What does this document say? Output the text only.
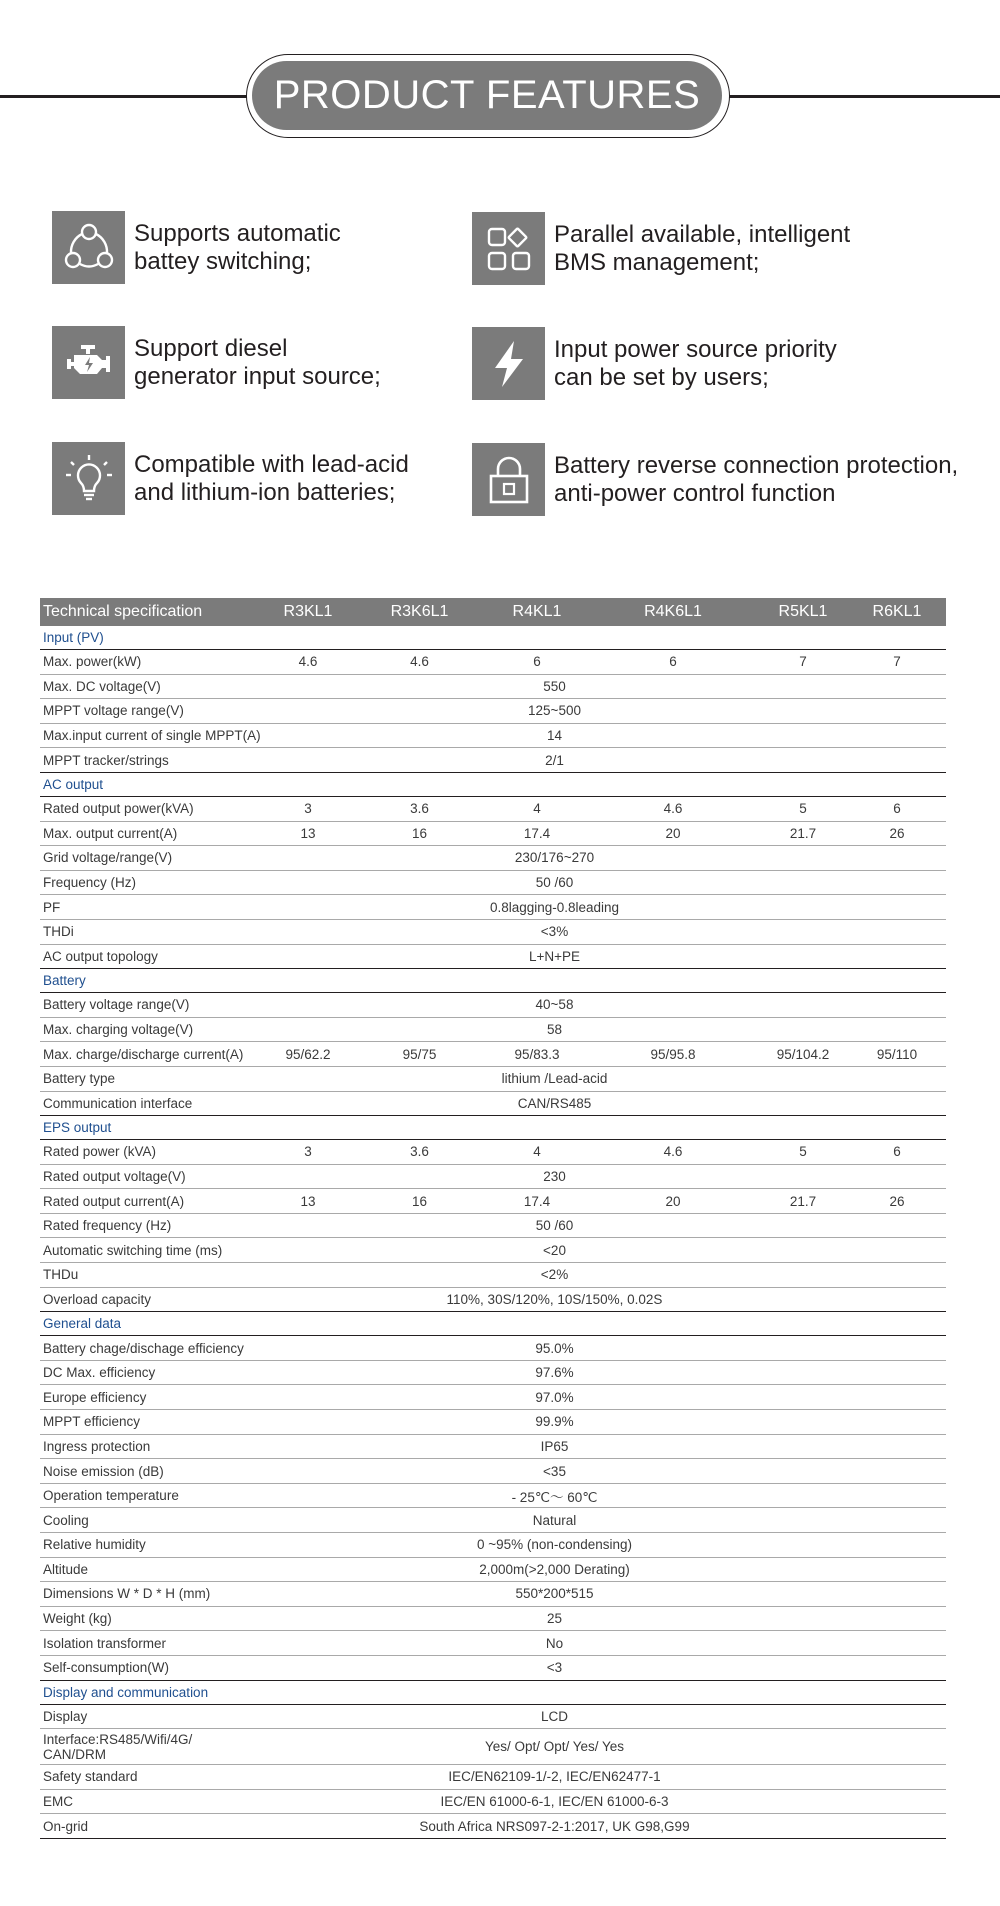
PRODUCT FEATURES
Supports automatic
battey switching;
Parallel available, intelligent
BMS management;
Support diesel
generator input source;
Input power source priority
can be set by users;
Compatible with lead-acid
and lithium-ion batteries;
Battery reverse connection protection,
anti-power control function
Technical specification	R3KL1	R3K6L1	R4KL1	R4K6L1	R5KL1	R6KL1
Input (PV)
Max. power(kW)	4.6	4.6	6	6	7	7
Max. DC voltage(V)	550
MPPT voltage range(V)	125~500
Max.input current of single MPPT(A)	14
MPPT tracker/strings	2/1
AC output
Rated output power(kVA)	3	3.6	4	4.6	5	6
Max. output current(A)	13	16	17.4	20	21.7	26
Grid voltage/range(V)	230/176~270
Frequency (Hz)	50 /60
PF	0.8lagging-0.8leading
THDi	<3%
AC output topology	L+N+PE
Battery
Battery voltage range(V)	40~58
Max. charging voltage(V)	58
Max. charge/discharge current(A)	95/62.2	95/75	95/83.3	95/95.8	95/104.2	95/110
Battery type	lithium /Lead-acid
Communication interface	CAN/RS485
EPS output
Rated power (kVA)	3	3.6	4	4.6	5	6
Rated output voltage(V)	230
Rated output current(A)	13	16	17.4	20	21.7	26
Rated frequency (Hz)	50 /60
Automatic switching time (ms)	<20
THDu	<2%
Overload capacity	110%, 30S/120%, 10S/150%, 0.02S
General data
Battery chage/dischage efficiency	95.0%
DC Max. efficiency	97.6%
Europe efficiency	97.0%
MPPT efficiency	99.9%
Ingress protection	IP65
Noise emission (dB)	<35
Operation temperature	- 25℃～ 60℃
Cooling	Natural
Relative humidity	0 ~95% (non-condensing)
Altitude	2,000m(>2,000 Derating)
Dimensions W * D * H (mm)	550*200*515
Weight (kg)	25
Isolation transformer	No
Self-consumption(W)	<3
Display and communication
Display	LCD
Interface:RS485/Wifi/4G/
CAN/DRM	Yes/ Opt/ Opt/ Yes/ Yes
Safety standard	IEC/EN62109-1/-2, IEC/EN62477-1
EMC	IEC/EN 61000-6-1, IEC/EN 61000-6-3
On-grid	South Africa NRS097-2-1:2017, UK G98,G99
